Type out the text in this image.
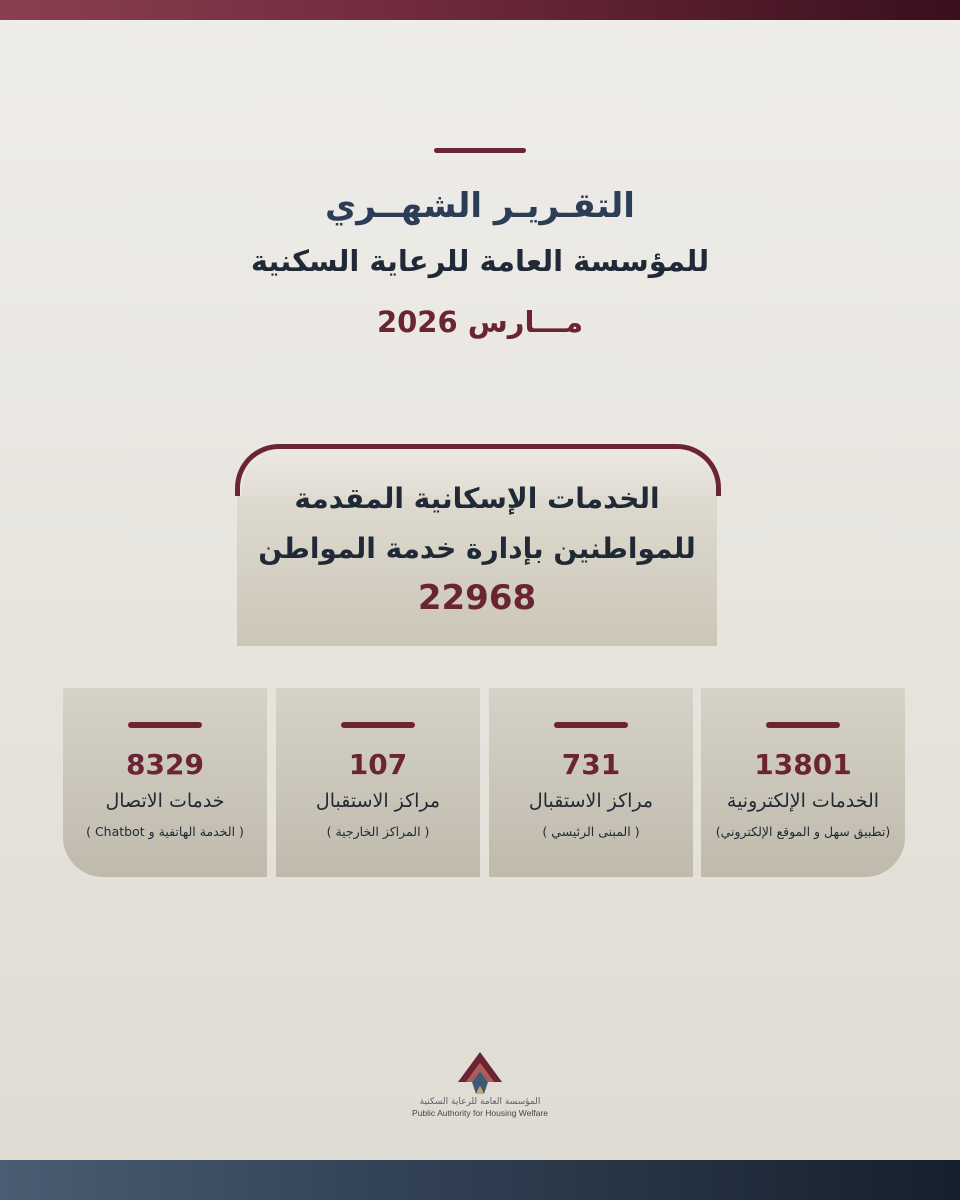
التقـريـر الشهــري
للمؤسسة العامة للرعاية السكنية
مـــارس 2026

الخدمات الإسكانية المقدمة

للمواطنين بإدارة خدمة المواطن

22968

13801

الخدمات الإلكترونية

(تطبيق سهل و الموقع الإلكتروني)

731

مراكز الاستقبال

( المبنى الرئيسي )

107

مراكز الاستقبال

( المراكز الخارجية )

8329

خدمات الاتصال

( الخدمة الهاتفية و Chatbot )

المؤسسة العامة للرعاية السكنية

Public Authority for Housing Welfare
